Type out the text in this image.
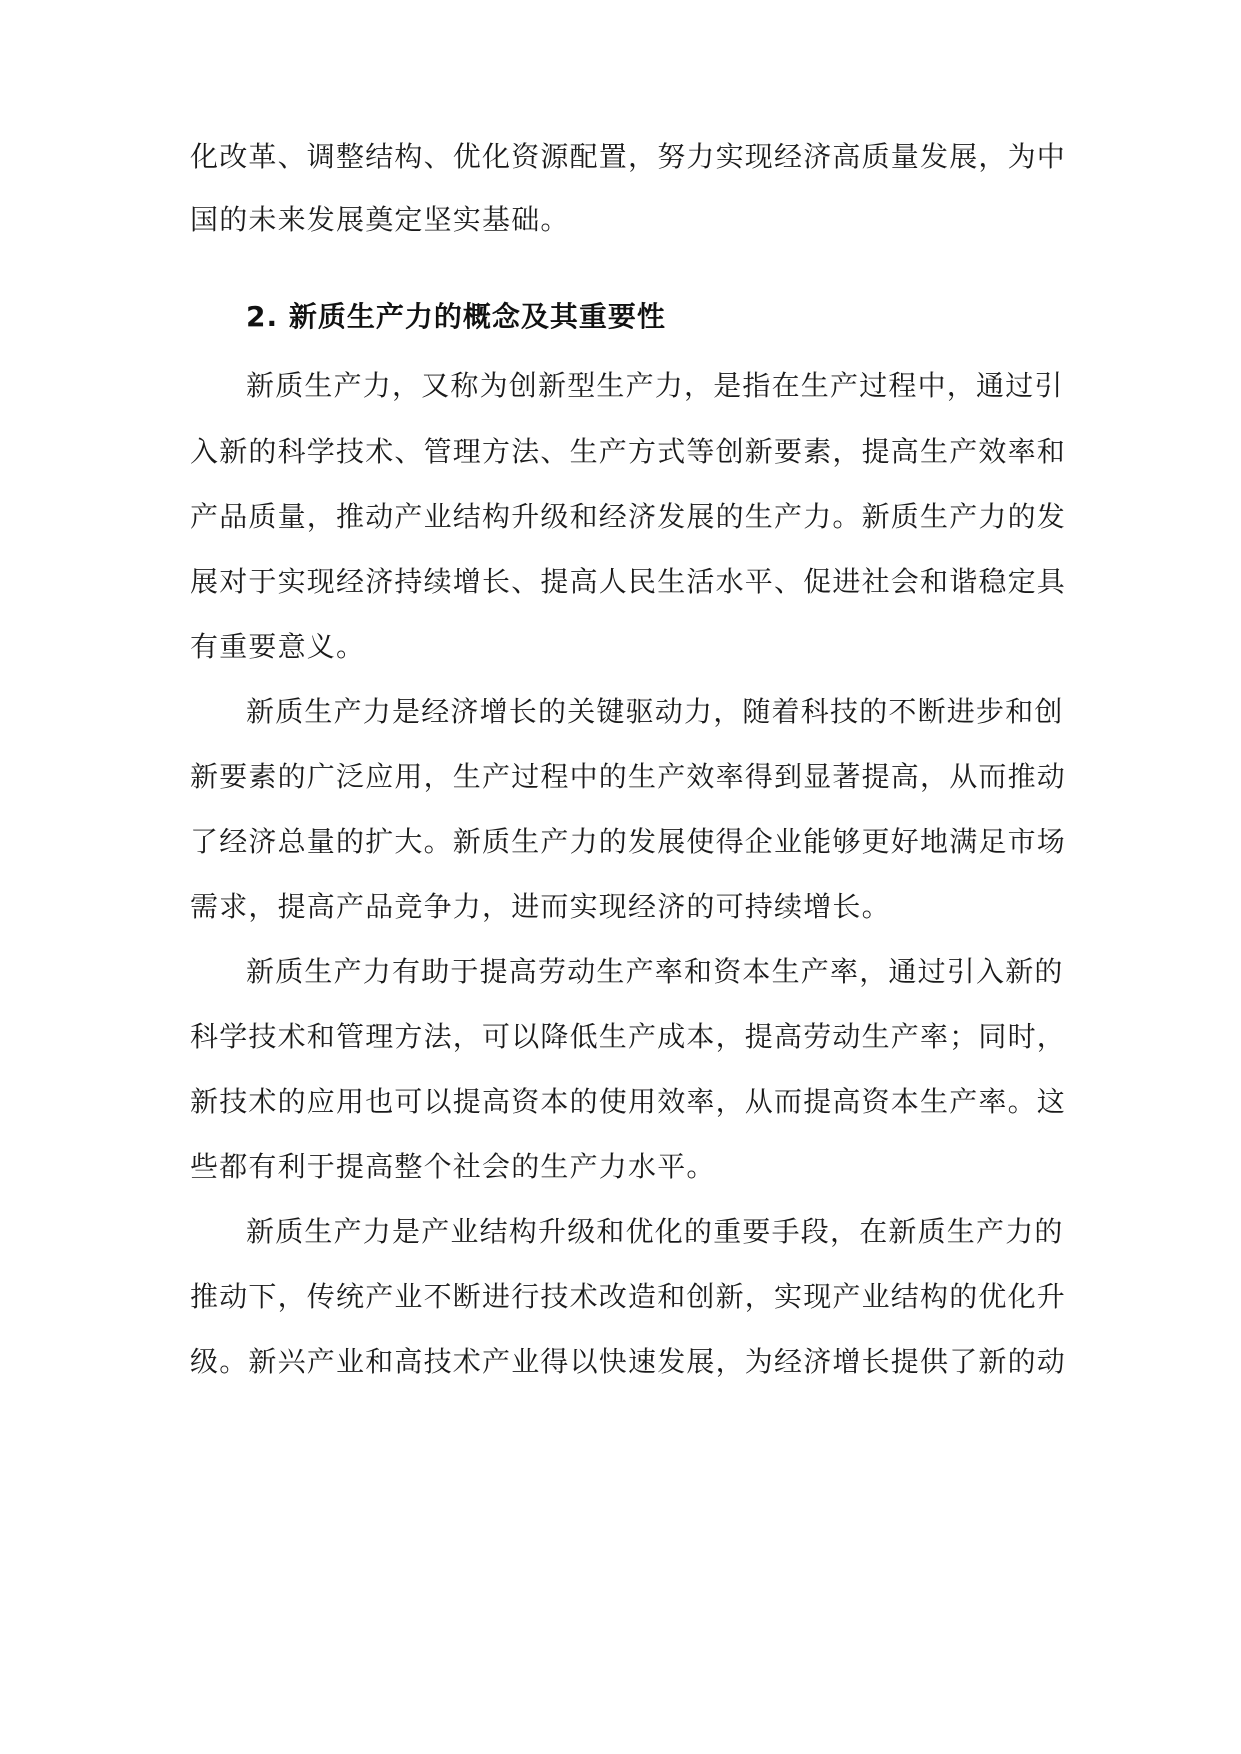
化改革、调整结构、优化资源配置，努力实现经济高质量发展，为中
国的未来发展奠定坚实基础。
2. 新质生产力的概念及其重要性
新质生产力，又称为创新型生产力，是指在生产过程中，通过引
入新的科学技术、管理方法、生产方式等创新要素，提高生产效率和
产品质量，推动产业结构升级和经济发展的生产力。新质生产力的发
展对于实现经济持续增长、提高人民生活水平、促进社会和谐稳定具
有重要意义。
新质生产力是经济增长的关键驱动力，随着科技的不断进步和创
新要素的广泛应用，生产过程中的生产效率得到显著提高，从而推动
了经济总量的扩大。新质生产力的发展使得企业能够更好地满足市场
需求，提高产品竞争力，进而实现经济的可持续增长。
新质生产力有助于提高劳动生产率和资本生产率，通过引入新的
科学技术和管理方法，可以降低生产成本，提高劳动生产率；同时，
新技术的应用也可以提高资本的使用效率，从而提高资本生产率。这
些都有利于提高整个社会的生产力水平。
新质生产力是产业结构升级和优化的重要手段，在新质生产力的
推动下，传统产业不断进行技术改造和创新，实现产业结构的优化升
级。新兴产业和高技术产业得以快速发展，为经济增长提供了新的动
